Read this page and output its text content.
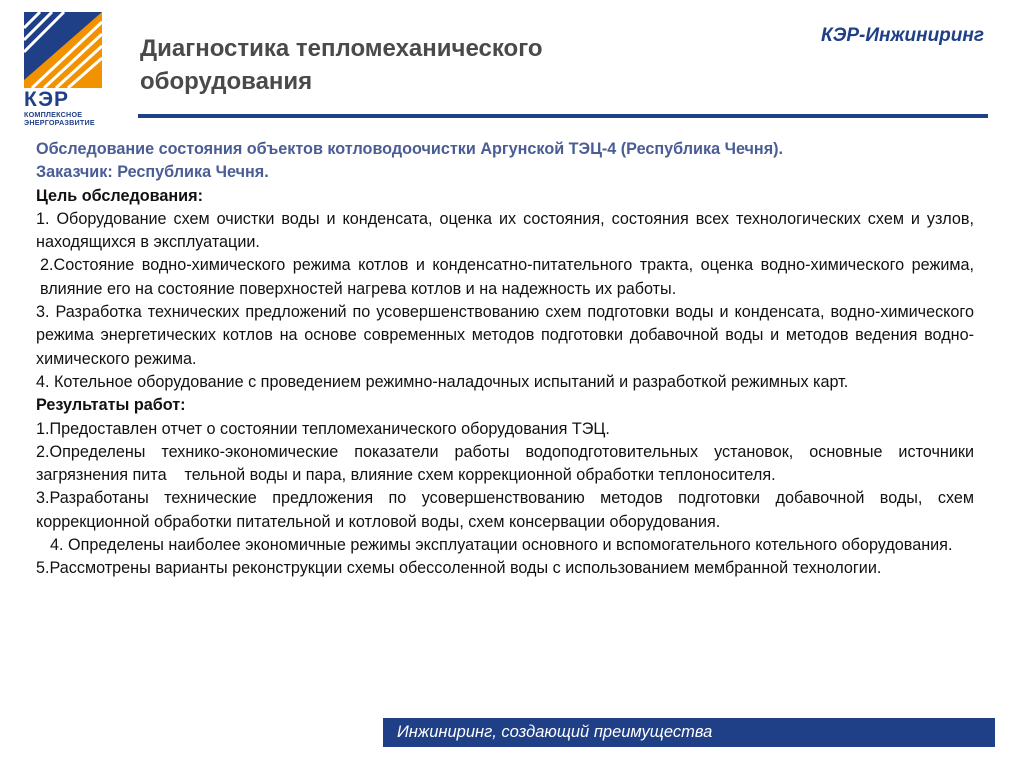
КЭР
КОМПЛЕКСНОЕ
ЭНЕРГОРАЗВИТИЕ
Диагностика тепломеханического оборудования
КЭР-Инжиниринг

Обследование состояния объектов котловодоочистки Аргунской ТЭЦ-4 (Республика Чечня).

Заказчик: Республика Чечня.

Цель обследования:

1. Оборудование схем очистки воды и конденсата, оценка их состояния, состояния всех технологических схем и узлов, находящихся в эксплуатации.

2.Состояние водно-химического режима котлов и конденсатно-питательного тракта, оценка водно-химического режима, влияние его на состояние поверхностей нагрева котлов и на надежность их работы.

3. Разработка технических предложений по усовершенствованию схем подготовки воды и конденсата, водно-химического режима энергетических котлов на основе современных методов подготовки добавочной воды и методов ведения водно-химического режима.

4. Котельное оборудование с проведением режимно-наладочных испытаний и разработкой режимных карт.

Результаты работ:

1.Предоставлен отчет о состоянии тепломеханического оборудования ТЭЦ.

2.Определены технико-экономические показатели работы водоподготовительных установок, основные источники загрязнения пита    тельной воды и пара, влияние схем коррекционной обработки теплоносителя.

3.Разработаны технические предложения по усовершенствованию методов подготовки добавочной воды, схем коррекционной обработки питательной и котловой воды, схем консервации оборудования.

4. Определены наиболее экономичные режимы эксплуатации основного и вспомогательного котельного оборудования.

5.Рассмотрены варианты реконструкции схемы обессоленной воды с использованием мембранной технологии.

Инжиниринг, создающий преимущества
